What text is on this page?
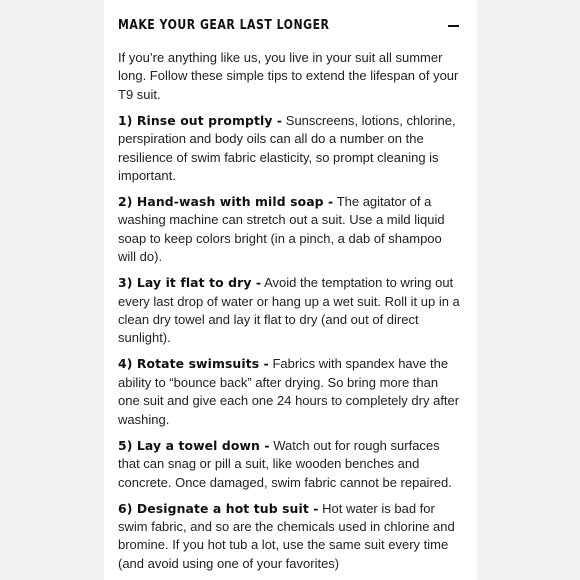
MAKE YOUR GEAR LAST LONGER

If you’re anything like us, you live in your suit all summer long. Follow these simple tips to extend the lifespan of your T9 suit.

1) Rinse out promptly - Sunscreens, lotions, chlorine, perspiration and body oils can all do a number on the resilience of swim fabric elasticity, so prompt cleaning is important.

2) Hand-wash with mild soap - The agitator of a washing machine can stretch out a suit. Use a mild liquid soap to keep colors bright (in a pinch, a dab of shampoo will do).

3) Lay it flat to dry - Avoid the temptation to wring out every last drop of water or hang up a wet suit. Roll it up in a clean dry towel and lay it flat to dry (and out of direct sunlight).

4) Rotate swimsuits - Fabrics with spandex have the ability to “bounce back” after drying. So bring more than one suit and give each one 24 hours to completely dry after washing.

5) Lay a towel down - Watch out for rough surfaces that can snag or pill a suit, like wooden benches and concrete. Once damaged, swim fabric cannot be repaired.

6) Designate a hot tub suit - Hot water is bad for swim fabric, and so are the chemicals used in chlorine and bromine. If you hot tub a lot, use the same suit every time (and avoid using one of your favorites)
